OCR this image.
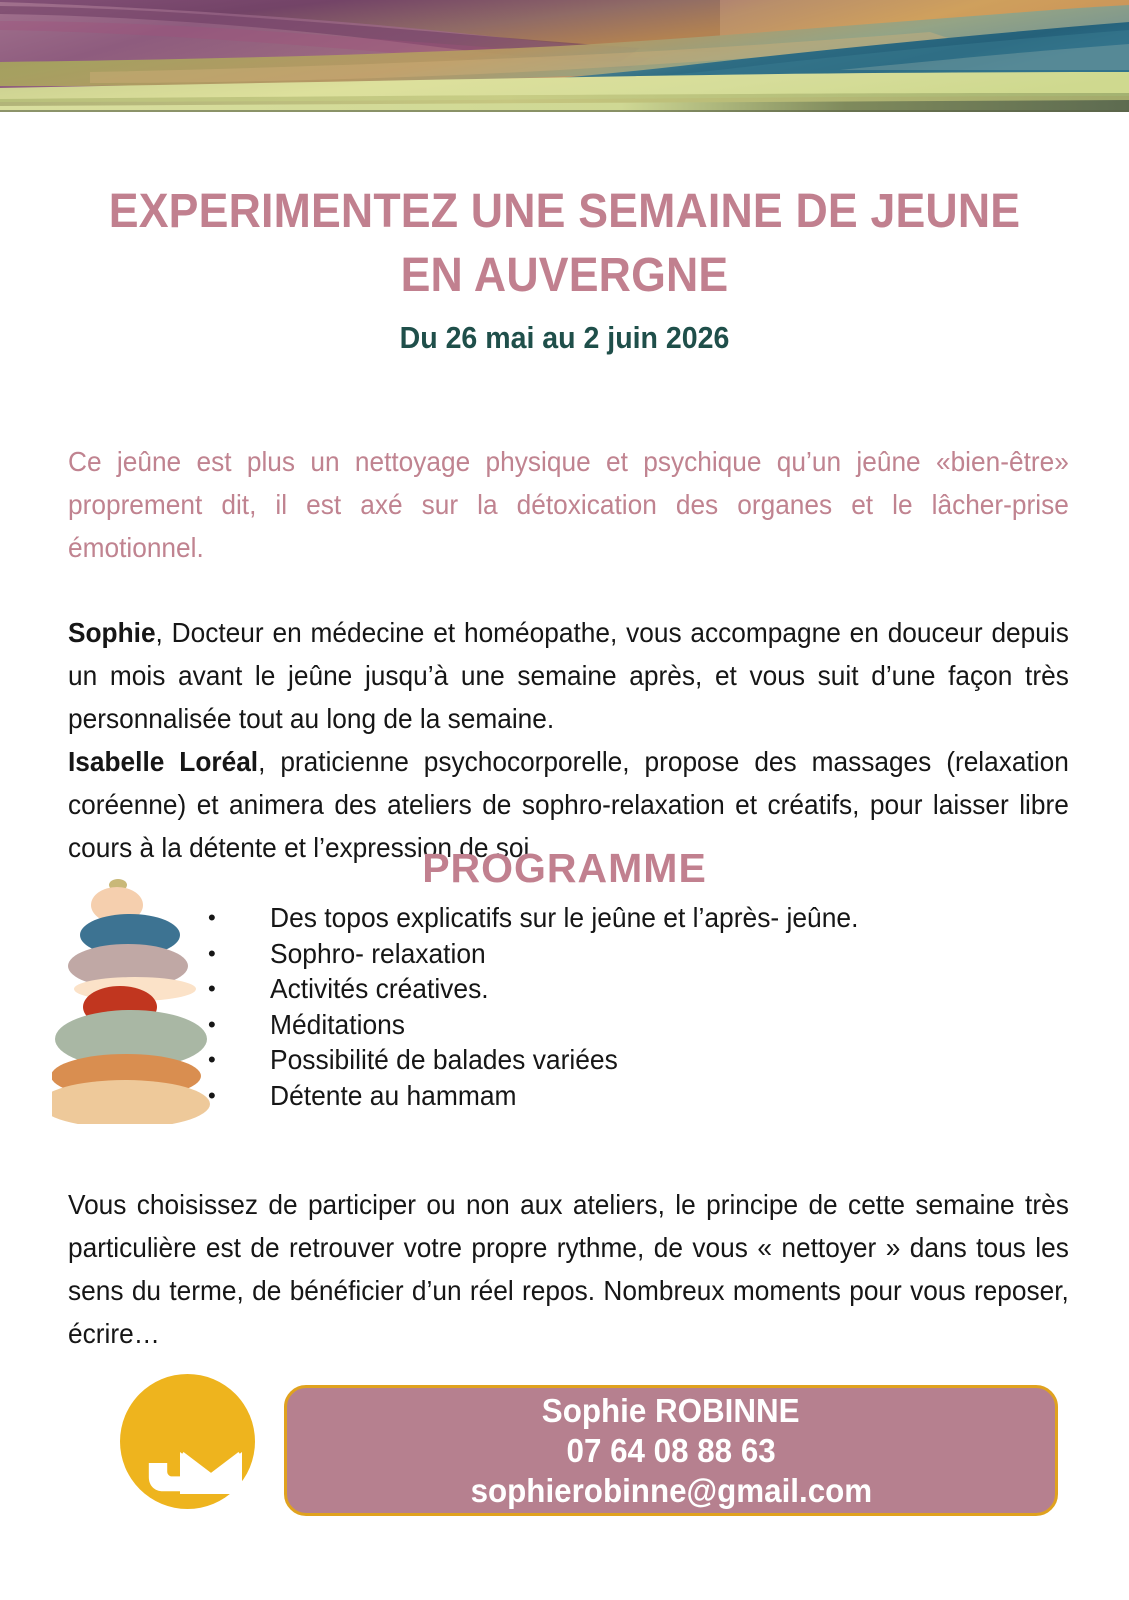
EXPERIMENTEZ UNE SEMAINE DE JEUNE EN AUVERGNE
Du 26 mai au 2 juin 2026

Ce jeûne est plus un nettoyage physique et psychique qu’un jeûne «bien-être» proprement dit, il est axé sur la détoxication des organes et le lâcher-prise émotionnel.

Sophie, Docteur en médecine et homéopathe, vous accompagne en douceur depuis un mois avant le jeûne jusqu’à une semaine après, et vous suit d’une façon très personnalisée tout au long de la semaine.
Isabelle Loréal, praticienne psychocorporelle, propose des massages (relaxation coréenne) et animera des ateliers de sophro-relaxation et créatifs, pour laisser libre cours à la détente et l’expression de soi.

PROGRAMME
• Des topos explicatifs sur le jeûne et l’après- jeûne.
• Sophro- relaxation
• Activités créatives.
• Méditations
• Possibilité de balades variées
• Détente au hammam

Vous choisissez de participer ou non aux ateliers, le principe de cette semaine très particulière est de retrouver votre propre rythme, de vous « nettoyer » dans tous les sens du terme, de bénéficier d’un réel repos. Nombreux moments pour vous reposer, écrire…

Sophie ROBINNE
07 64 08 88 63
sophierobinne@gmail.com
